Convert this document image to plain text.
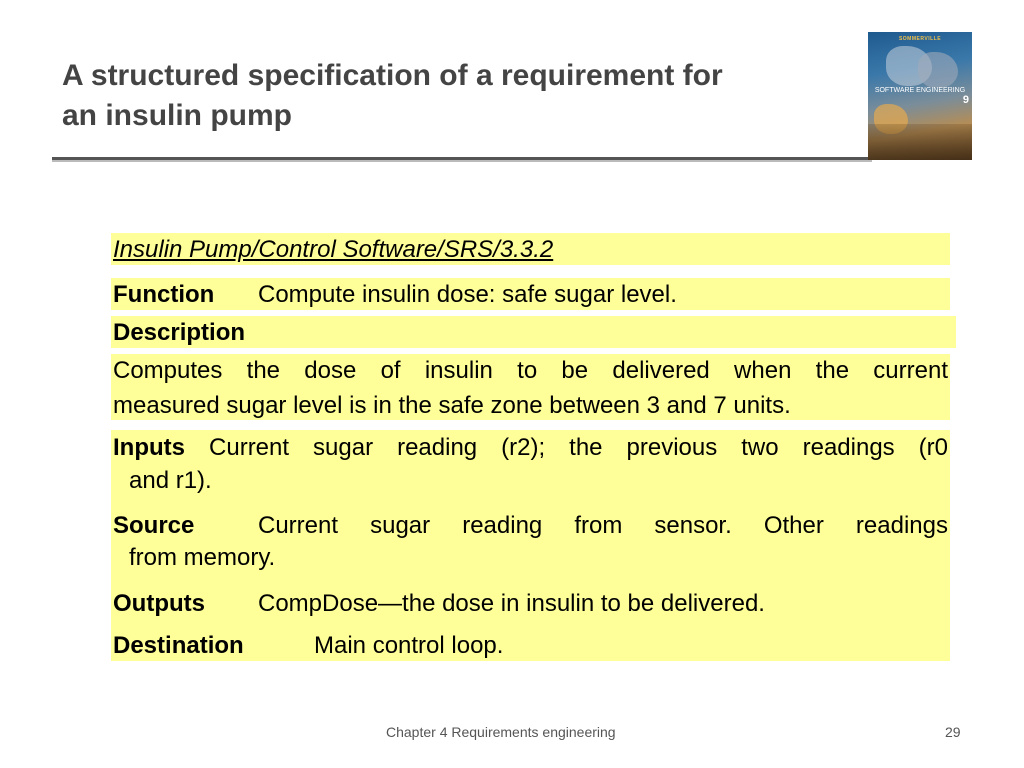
A structured specification of a requirement for
an insulin pump
SOMMERVILLE
SOFTWARE ENGINEERING
9
Insulin Pump/Control Software/SRS/3.3.2
Function Compute insulin dose: safe sugar level.
Description
Computes the dose of insulin to be delivered when the current
measured sugar level is in the safe zone between 3 and 7 units.
Inputs Current sugar reading (r2); the previous two readings (r0
and r1).
Source	Current sugar reading from sensor. Other readings
from memory.
Outputs CompDose—the dose in insulin to be delivered.
Destination	Main control loop.
Chapter 4 Requirements engineering	29
